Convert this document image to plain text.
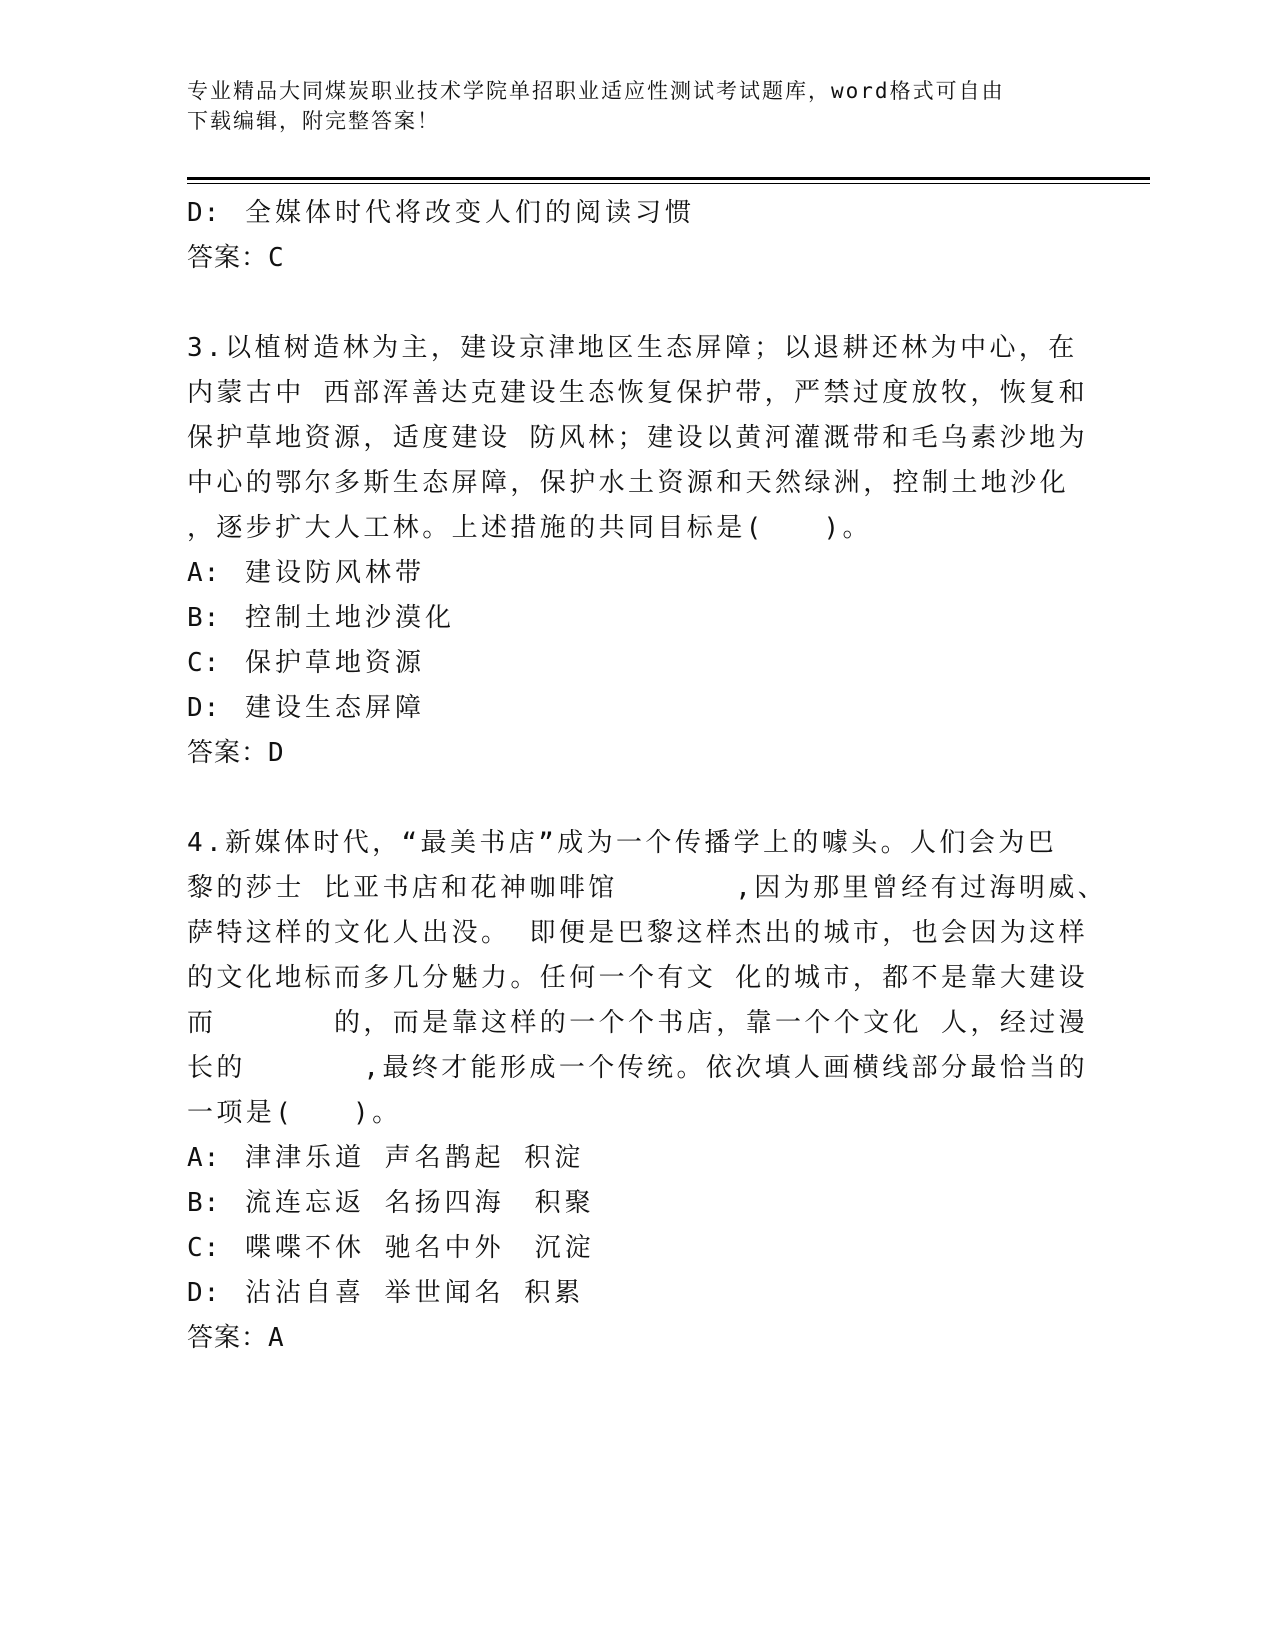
专业精品大同煤炭职业技术学院单招职业适应性测试考试题库，word格式可自由
下载编辑，附完整答案！
D: 全媒体时代将改变人们的阅读习惯
答案：C
3.以植树造林为主，建设京津地区生态屏障；以退耕还林为中心，在
内蒙古中 西部浑善达克建设生态恢复保护带，严禁过度放牧，恢复和
保护草地资源，适度建设 防风林；建设以黄河灌溉带和毛乌素沙地为
中心的鄂尔多斯生态屏障，保护水土资源和天然绿洲，控制土地沙化
，逐步扩大人工林。上述措施的共同目标是(　　)。
A: 建设防风林带
B: 控制土地沙漠化
C: 保护草地资源
D: 建设生态屏障
答案：D
4.新媒体时代，“最美书店”成为一个传播学上的噱头。人们会为巴
黎的莎士 比亚书店和花神咖啡馆　　　　,因为那里曾经有过海明威、
萨特这样的文化人出没。 即便是巴黎这样杰出的城市，也会因为这样
的文化地标而多几分魅力。任何一个有文 化的城市，都不是靠大建设
而　　　　的，而是靠这样的一个个书店，靠一个个文化 人，经过漫
长的　　　　,最终才能形成一个传统。依次填人画横线部分最恰当的
一项是(　　)。
A: 津津乐道 声名鹊起 积淀
B: 流连忘返 名扬四海　积聚
C: 喋喋不休 驰名中外　沉淀
D: 沾沾自喜 举世闻名 积累
答案：A
